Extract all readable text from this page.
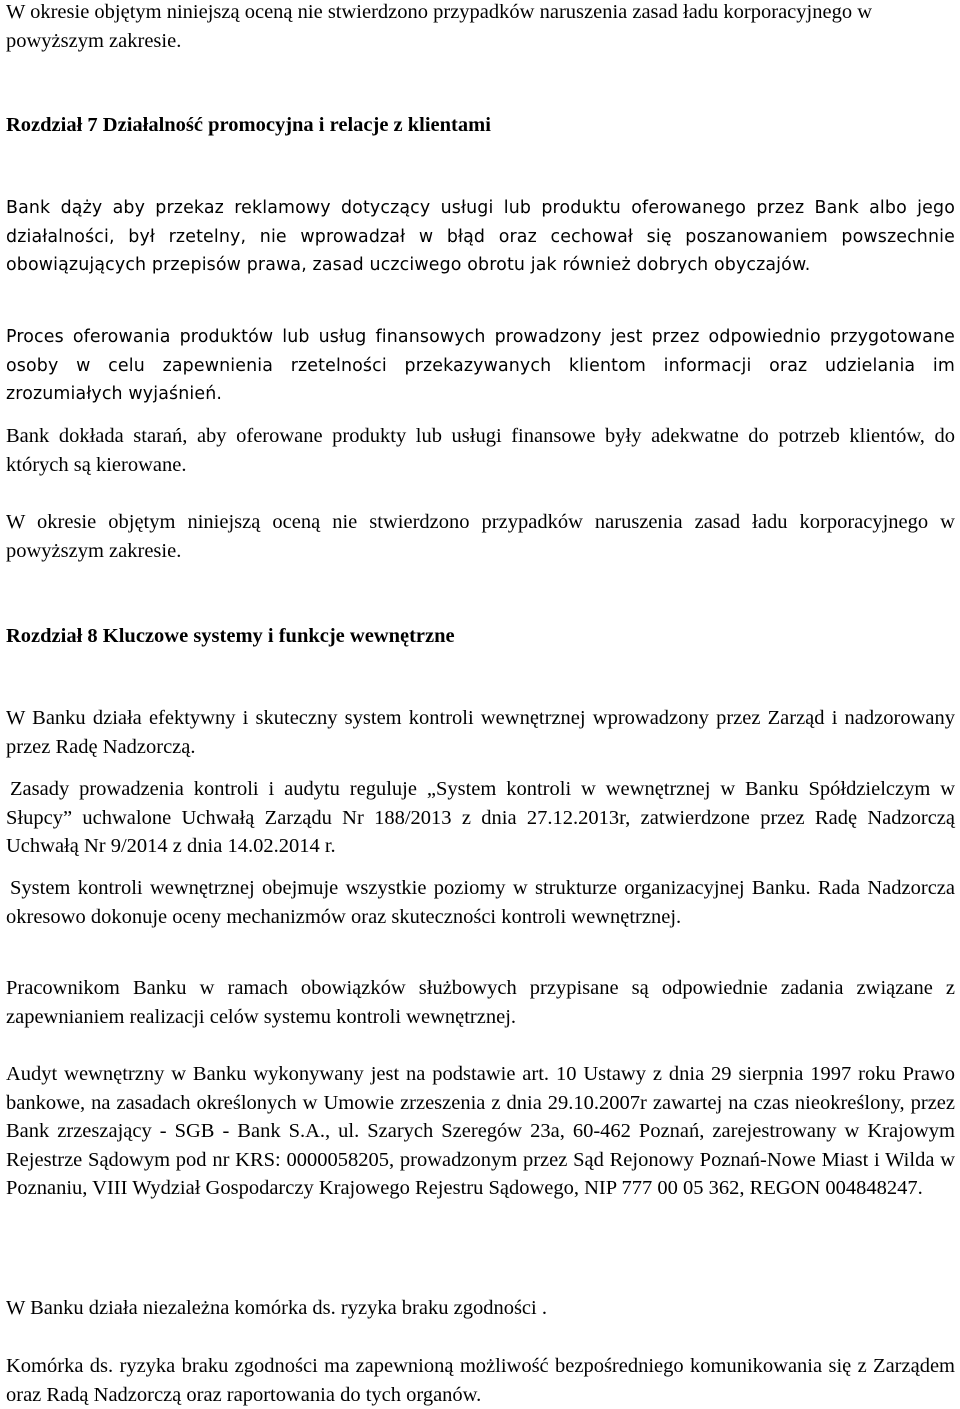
W okresie objętym niniejszą oceną nie stwierdzono przypadków naruszenia zasad ładu korporacyjnego w powyższym zakresie.

Rozdział 7 Działalność promocyjna i relacje z klientami

Bank dąży aby przekaz reklamowy dotyczący usługi lub produktu oferowanego przez Bank albo jego działalności, był rzetelny, nie wprowadzał w błąd oraz cechował się poszanowaniem powszechnie obowiązujących przepisów prawa, zasad uczciwego obrotu jak również dobrych obyczajów.

Proces oferowania produktów lub usług finansowych prowadzony jest przez odpowiednio przygotowane osoby w celu zapewnienia rzetelności przekazywanych klientom informacji oraz udzielania im zrozumiałych wyjaśnień.

Bank dokłada starań, aby oferowane produkty lub usługi finansowe były adekwatne do potrzeb klientów, do których są kierowane.

W okresie objętym niniejszą oceną nie stwierdzono przypadków naruszenia zasad ładu korporacyjnego w powyższym zakresie.

Rozdział 8 Kluczowe systemy i funkcje wewnętrzne

W Banku działa efektywny i skuteczny system kontroli wewnętrznej wprowadzony przez Zarząd i nadzorowany przez Radę Nadzorczą.

Zasady prowadzenia kontroli i audytu reguluje „System kontroli w wewnętrznej w Banku Spółdzielczym w Słupcy” uchwalone Uchwałą Zarządu Nr 188/2013 z dnia 27.12.2013r, zatwierdzone przez Radę Nadzorczą Uchwałą Nr 9/2014 z dnia 14.02.2014 r.

System kontroli wewnętrznej obejmuje wszystkie poziomy w strukturze organizacyjnej Banku. Rada Nadzorcza okresowo dokonuje oceny mechanizmów oraz skuteczności kontroli wewnętrznej.

Pracownikom Banku w ramach obowiązków służbowych przypisane są odpowiednie zadania związane z zapewnianiem realizacji celów systemu kontroli wewnętrznej.

Audyt wewnętrzny w Banku wykonywany jest na podstawie art. 10 Ustawy z dnia 29 sierpnia 1997 roku Prawo bankowe, na zasadach określonych w Umowie zrzeszenia z dnia 29.10.2007r zawartej na czas nieokreślony, przez Bank zrzeszający - SGB - Bank S.A., ul. Szarych Szeregów 23a, 60-462 Poznań, zarejestrowany w Krajowym Rejestrze Sądowym pod nr KRS: 0000058205, prowadzonym przez Sąd Rejonowy Poznań-Nowe Miast i Wilda w Poznaniu, VIII Wydział Gospodarczy Krajowego Rejestru Sądowego, NIP 777 00 05 362, REGON 004848247.

W Banku działa niezależna komórka ds. ryzyka braku zgodności .

Komórka ds. ryzyka braku zgodności ma zapewnioną możliwość bezpośredniego komunikowania się z Zarządem oraz Radą Nadzorczą oraz raportowania do tych organów.
